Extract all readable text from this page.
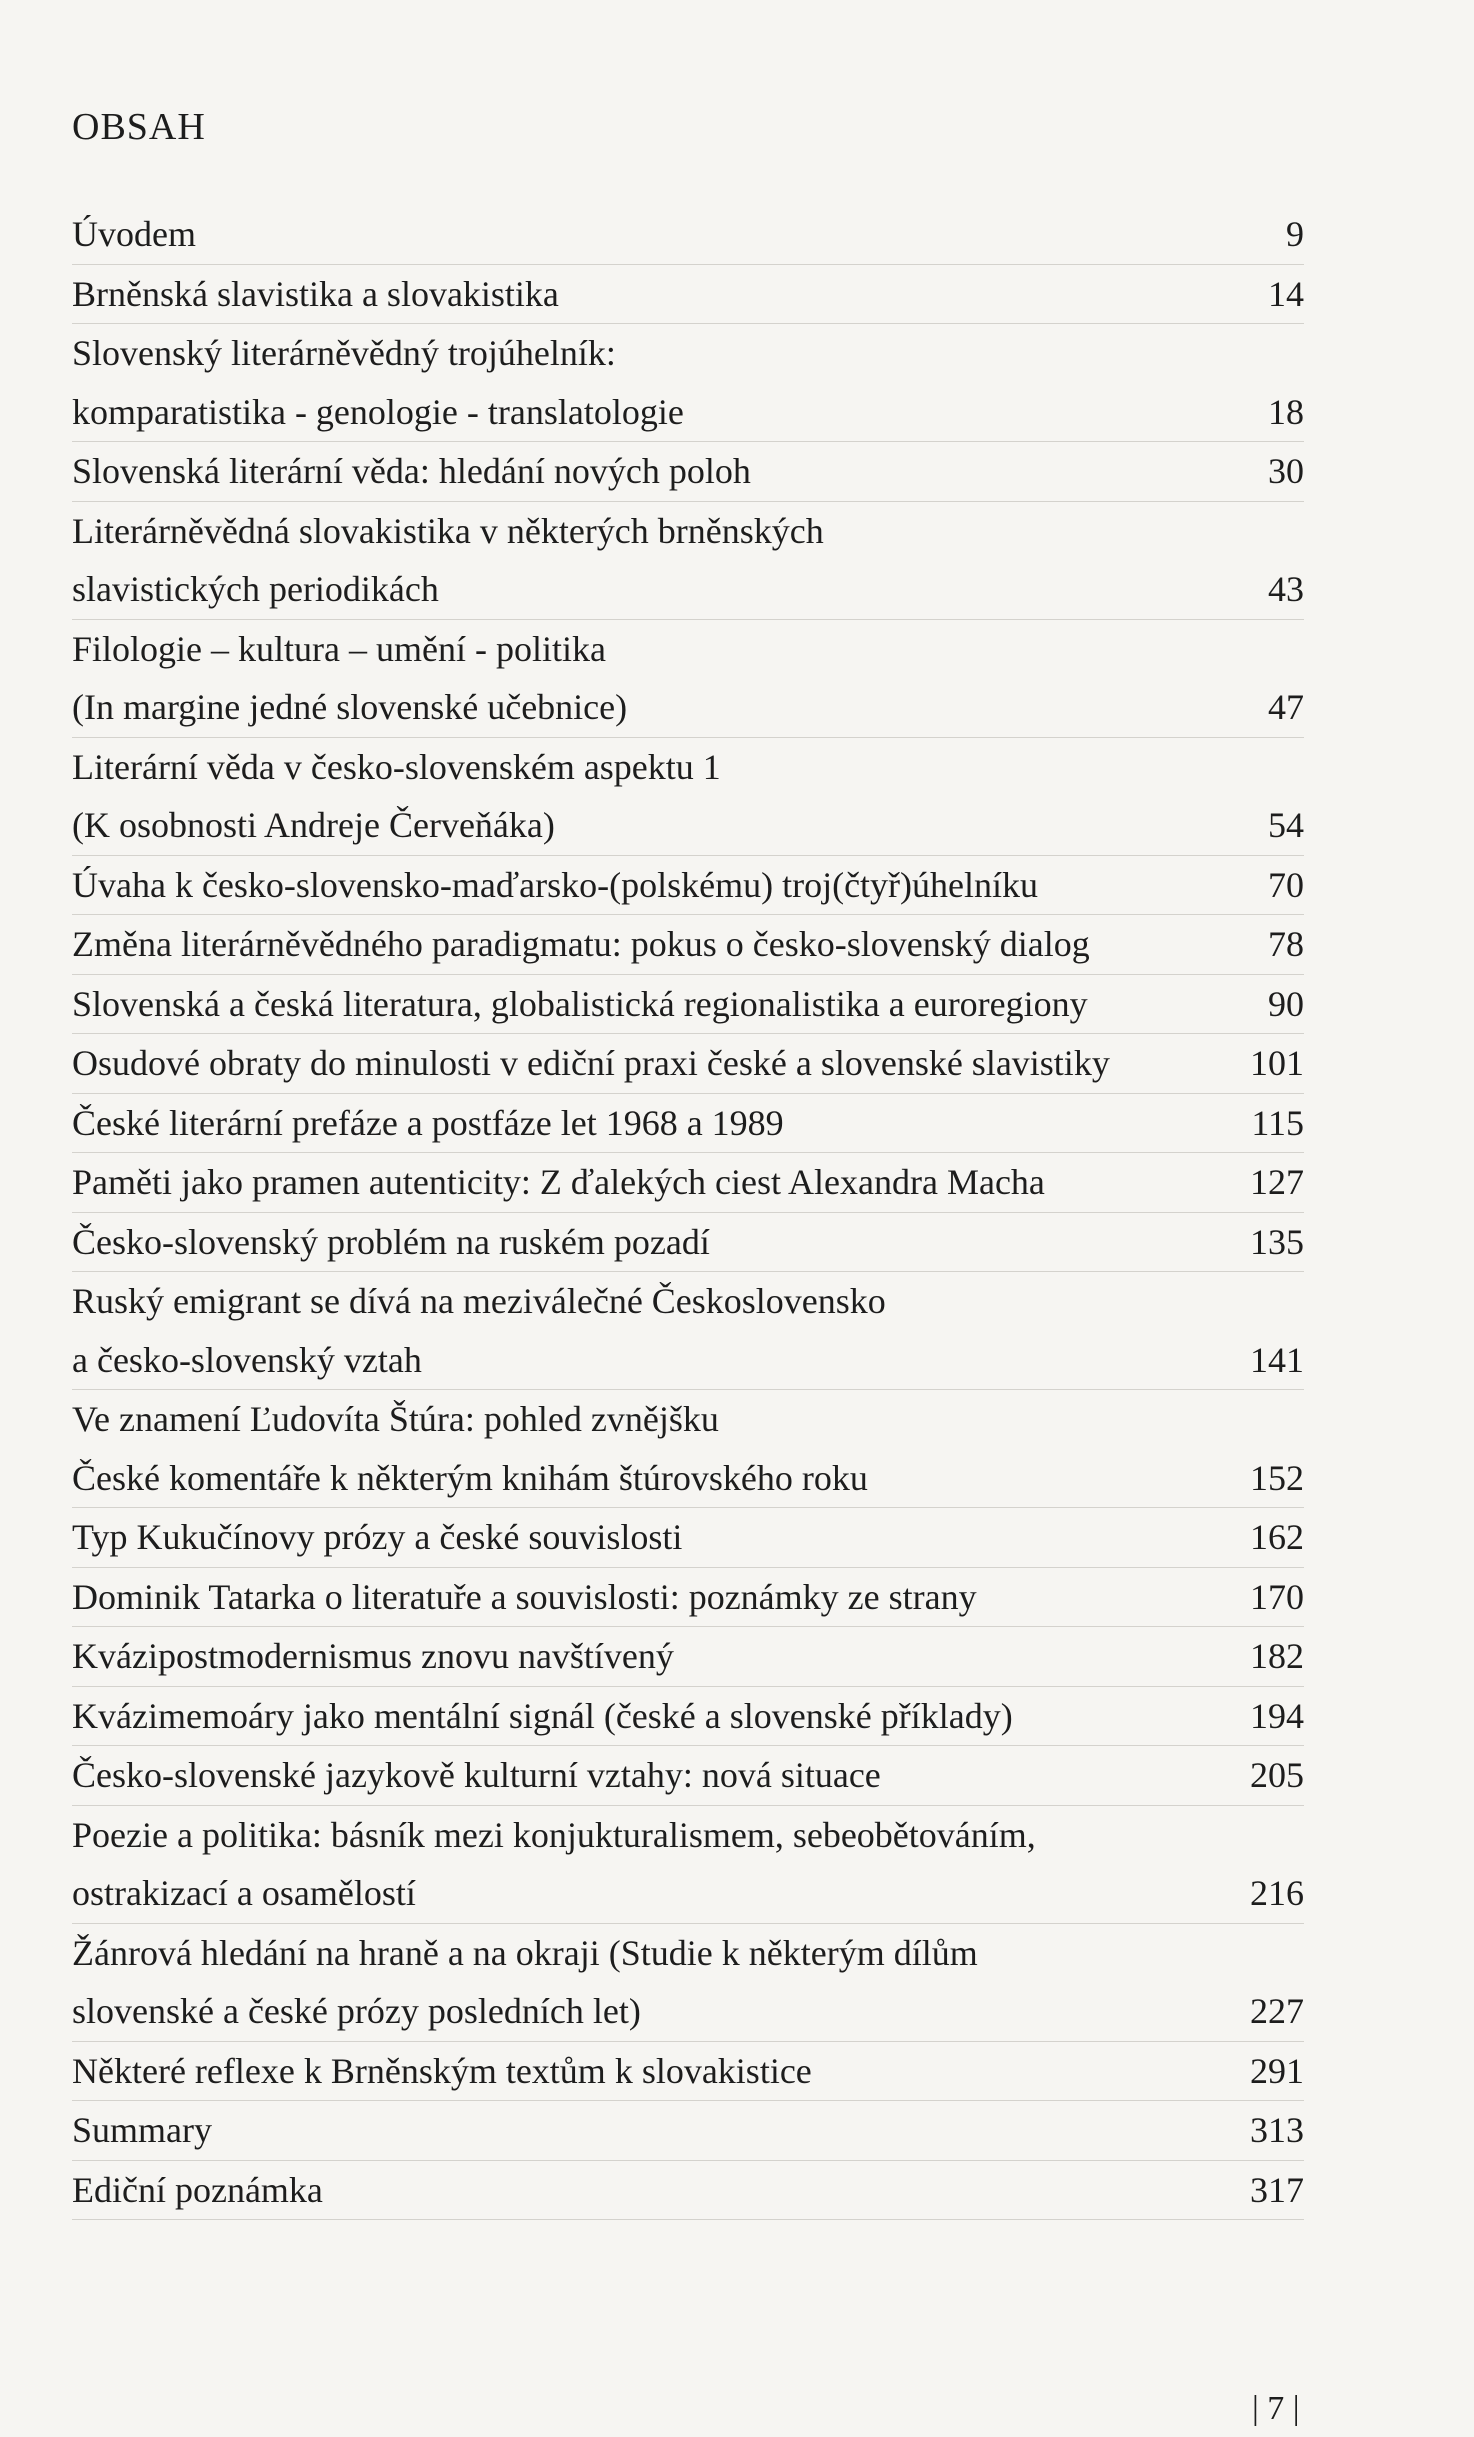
OBSAH
Úvodem	9
Brněnská slavistika a slovakistika	14
Slovenský literárněvědný trojúhelník:
komparatistika - genologie - translatologie	18
Slovenská literární věda: hledání nových poloh	30
Literárněvědná slovakistika v některých brněnských
slavistických periodikách	43
Filologie – kultura – umění - politika
(In margine jedné slovenské učebnice)	47
Literární věda v česko-slovenském aspektu 1
(K osobnosti Andreje Červeňáka)	54
Úvaha k česko-slovensko-maďarsko-(polskému) troj(čtyř)úhelníku	70
Změna literárněvědného paradigmatu: pokus o česko-slovenský dialog	78
Slovenská a česká literatura, globalistická regionalistika a euroregiony	90
Osudové obraty do minulosti v ediční praxi české a slovenské slavistiky	101
České literární prefáze a postfáze let 1968 a 1989	115
Paměti jako pramen autenticity: Z ďalekých ciest Alexandra Macha	127
Česko-slovenský problém na ruském pozadí	135
Ruský emigrant se dívá na meziválečné Československo
a česko-slovenský vztah	141
Ve znamení Ľudovíta Štúra: pohled zvnějšku
České komentáře k některým knihám štúrovského roku	152
Typ Kukučínovy prózy a české souvislosti	162
Dominik Tatarka o literatuře a souvislosti: poznámky ze strany	170
Kvázipostmodernismus znovu navštívený	182
Kvázimemoáry jako mentální signál (české a slovenské příklady)	194
Česko-slovenské jazykově kulturní vztahy: nová situace	205
Poezie a politika: básník mezi konjukturalismem, sebeobětováním,
ostrakizací a osamělostí	216
Žánrová hledání na hraně a na okraji (Studie k některým dílům
slovenské a české prózy posledních let)	227
Některé reflexe k Brněnským textům k slovakistice	291
Summary	313
Ediční poznámka	317
| 7 |
